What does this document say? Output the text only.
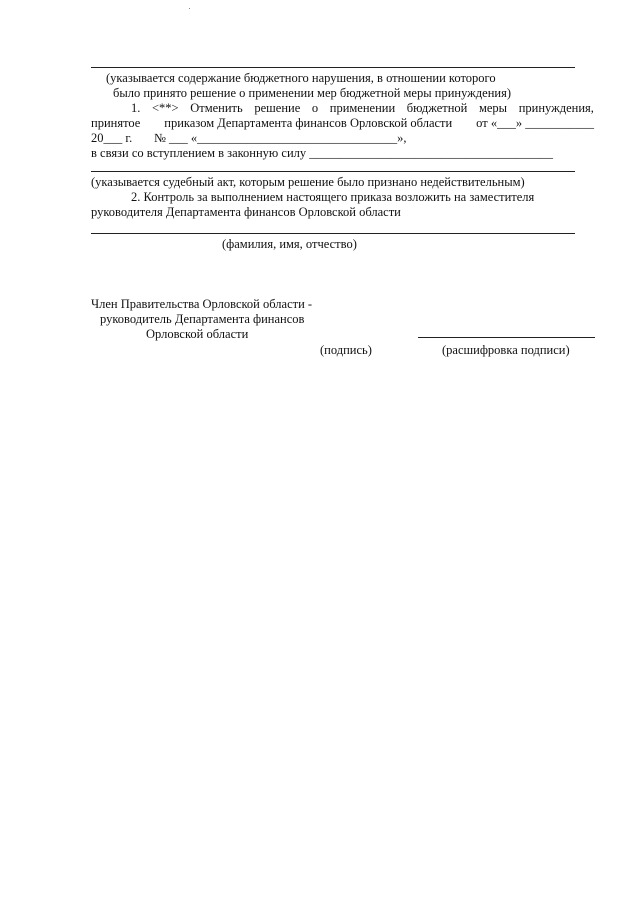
(указывается содержание бюджетного нарушения, в отношении которого
было принято решение о применении мер бюджетной меры принуждения)
1. <**> Отменить решение о применении бюджетной меры принуждения,
принятое приказом Департамента финансов Орловской области от «___» ___________
20___ г. № ___ «________________________________»,
в связи со вступлением в законную силу _______________________________________
(указывается судебный акт, которым решение было признано недействительным)
2. Контроль за выполнением настоящего приказа возложить на заместителя
руководителя Департамента финансов Орловской области
(фамилия, имя, отчество)
Член Правительства Орловской области -
руководитель Департамента финансов
Орловской области
(подпись)	(расшифровка подписи)
